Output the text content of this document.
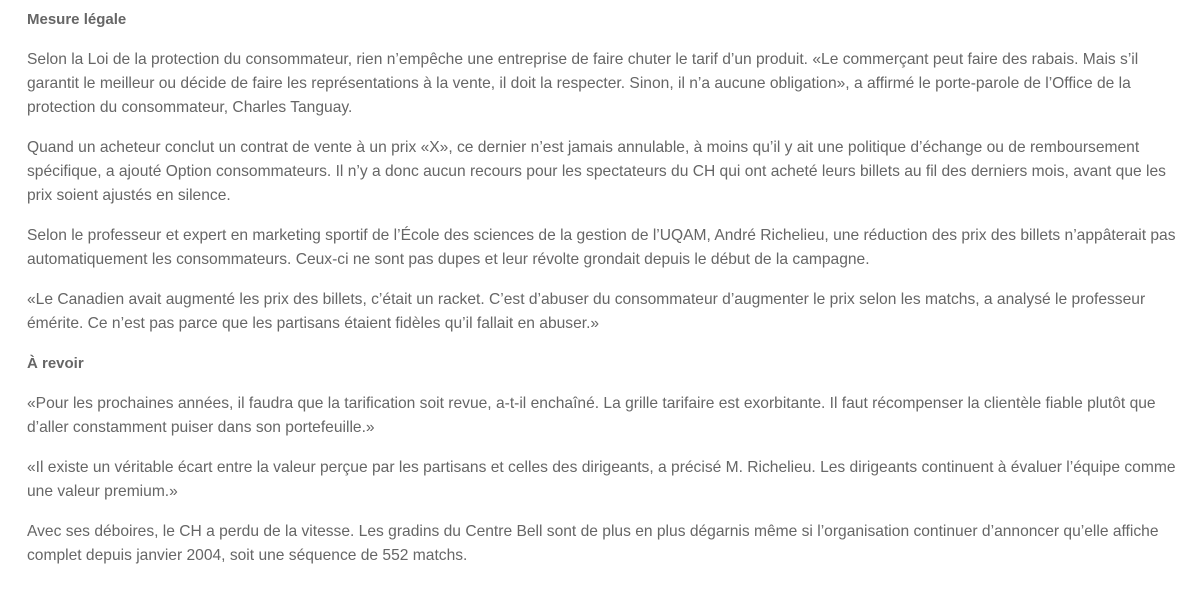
Mesure légale

Selon la Loi de la protection du consommateur, rien n’empêche une entreprise de faire chuter le tarif d’un produit. «Le commerçant peut faire des rabais. Mais s’il garantit le meilleur ou décide de faire les représentations à la vente, il doit la respecter. Sinon, il n’a aucune obligation», a affirmé le porte-parole de l’Office de la protection du consommateur, Charles Tanguay.

Quand un acheteur conclut un contrat de vente à un prix «X», ce dernier n’est jamais annulable, à moins qu’il y ait une politique d’échange ou de remboursement spécifique, a ajouté Option consommateurs. Il n’y a donc aucun recours pour les spectateurs du CH qui ont acheté leurs billets au fil des derniers mois, avant que les prix soient ajustés en silence.

Selon le professeur et expert en marketing sportif de l’École des sciences de la gestion de l’UQAM, André Richelieu, une réduction des prix des billets n’appâterait pas automatiquement les consommateurs. Ceux-ci ne sont pas dupes et leur révolte grondait depuis le début de la campagne.

«Le Canadien avait augmenté les prix des billets, c’était un racket. C’est d’abuser du consommateur d’augmenter le prix selon les matchs, a analysé le professeur émérite. Ce n’est pas parce que les partisans étaient fidèles qu’il fallait en abuser.»

À revoir

«Pour les prochaines années, il faudra que la tarification soit revue, a-t-il enchaîné. La grille tarifaire est exorbitante. Il faut récompenser la clientèle fiable plutôt que d’aller constamment puiser dans son portefeuille.»

«Il existe un véritable écart entre la valeur perçue par les partisans et celles des dirigeants, a précisé M. Richelieu. Les dirigeants continuent à évaluer l’équipe comme une valeur premium.»

Avec ses déboires, le CH a perdu de la vitesse. Les gradins du Centre Bell sont de plus en plus dégarnis même si l’organisation continuer d’annoncer qu’elle affiche complet depuis janvier 2004, soit une séquence de 552 matchs.
